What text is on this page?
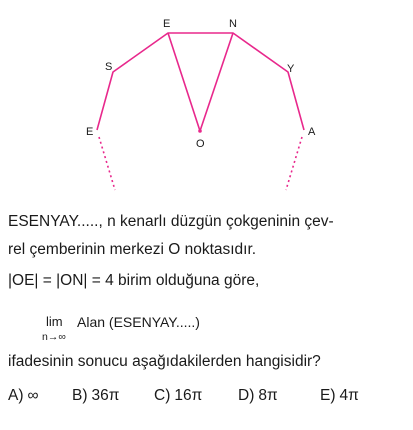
E	N
S	Y
E	A
O
ESENYAY....., n kenarlı düzgün çokgeninin çev-
rel çemberinin merkezi O noktasıdır.
|OE| = |ON| = 4 birim olduğuna göre,
lim
n→∞
Alan (ESENYAY.....)
ifadesinin sonucu aşağıdakilerden hangisidir?
A) ∞ B) 36π C) 16π D) 8π	E) 4π
